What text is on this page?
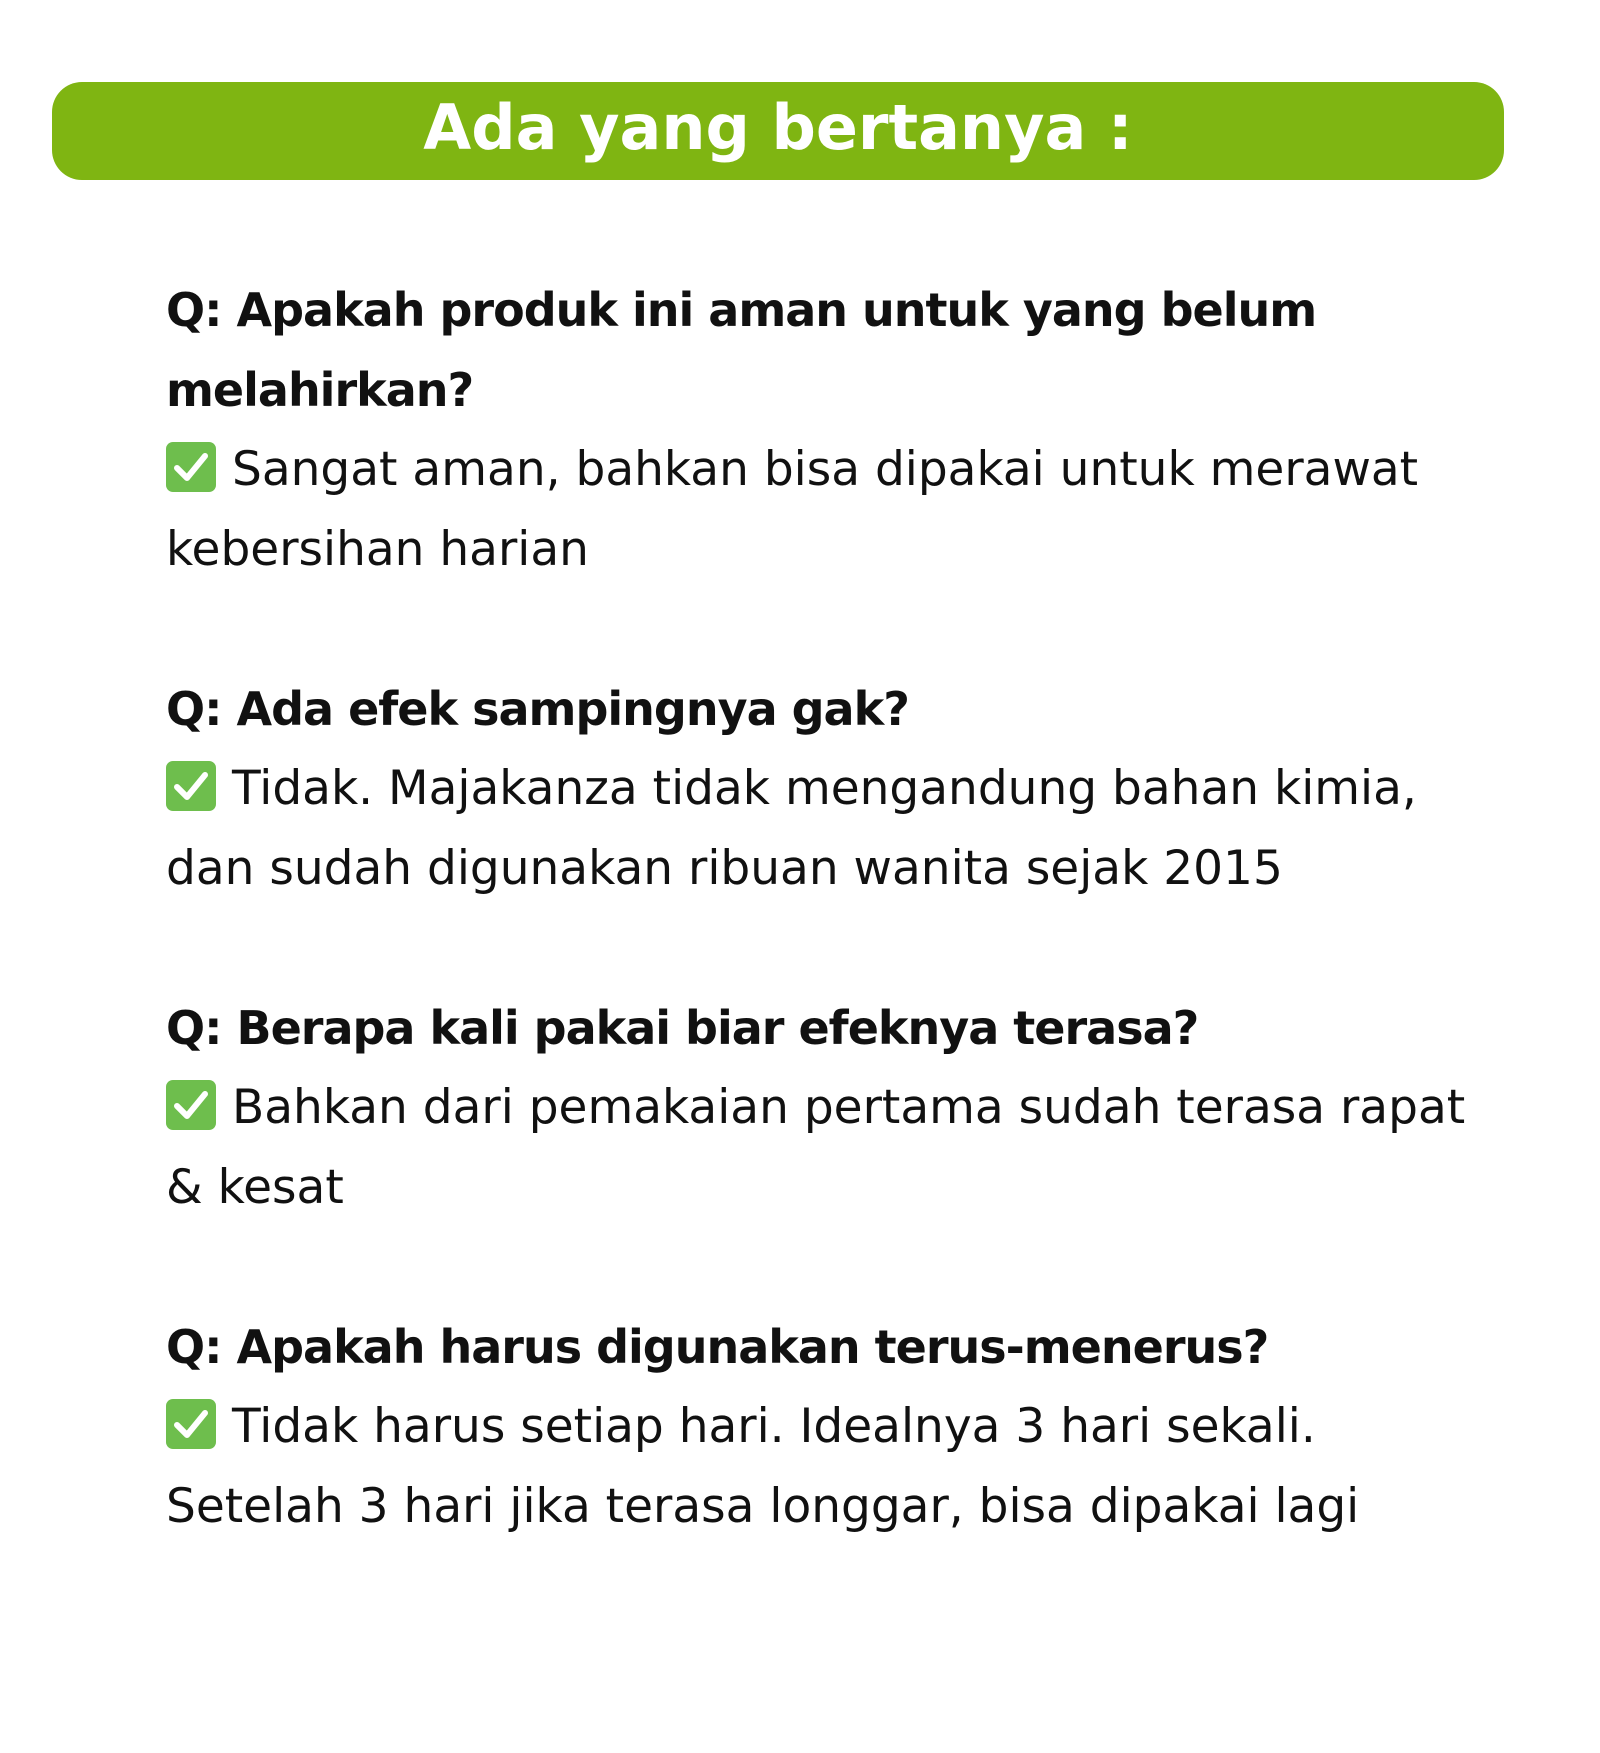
Ada yang bertanya :

Q: Apakah produk ini aman untuk yang belum melahirkan?

Sangat aman, bahkan bisa dipakai untuk merawat kebersihan harian

Q: Ada efek sampingnya gak?

Tidak. Majakanza tidak mengandung bahan kimia, dan sudah digunakan ribuan wanita sejak 2015

Q: Berapa kali pakai biar efeknya terasa?

Bahkan dari pemakaian pertama sudah terasa rapat & kesat

Q: Apakah harus digunakan terus-menerus?

Tidak harus setiap hari. Idealnya 3 hari sekali. Setelah 3 hari jika terasa longgar, bisa dipakai lagi
